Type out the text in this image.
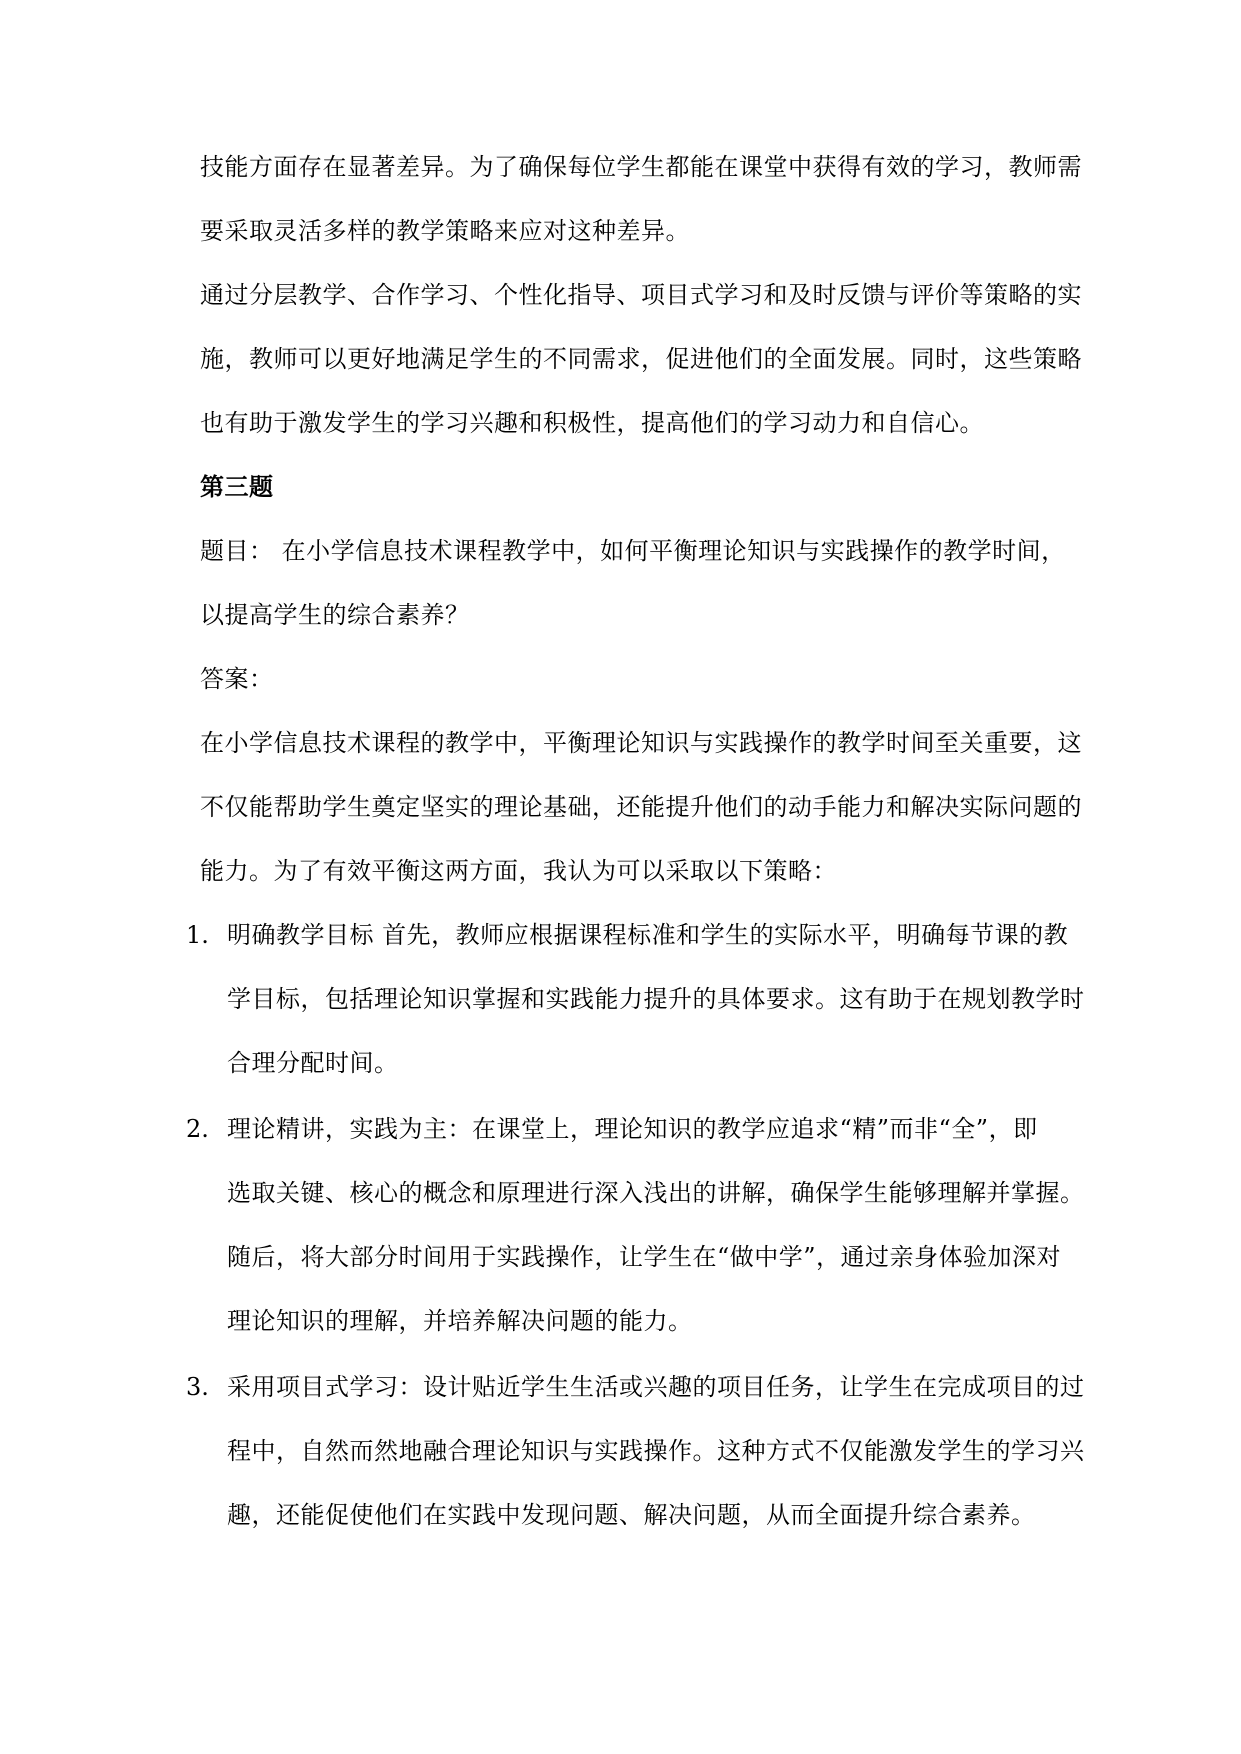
技能方面存在显著差异。为了确保每位学生都能在课堂中获得有效的学习，教师需
要采取灵活多样的教学策略来应对这种差异。
通过分层教学、合作学习、个性化指导、项目式学习和及时反馈与评价等策略的实
施，教师可以更好地满足学生的不同需求，促进他们的全面发展。同时，这些策略
也有助于激发学生的学习兴趣和积极性，提高他们的学习动力和自信心。
第三题
题目： 在小学信息技术课程教学中，如何平衡理论知识与实践操作的教学时间，
以提高学生的综合素养？
答案：
在小学信息技术课程的教学中，平衡理论知识与实践操作的教学时间至关重要，这
不仅能帮助学生奠定坚实的理论基础，还能提升他们的动手能力和解决实际问题的
能力。为了有效平衡这两方面，我认为可以采取以下策略：
1. 明确教学目标 首先，教师应根据课程标准和学生的实际水平，明确每节课的教
学目标，包括理论知识掌握和实践能力提升的具体要求。这有助于在规划教学时
合理分配时间。
2. 理论精讲，实践为主：在课堂上，理论知识的教学应追求“精”而非“全”，即
选取关键、核心的概念和原理进行深入浅出的讲解，确保学生能够理解并掌握。
随后，将大部分时间用于实践操作，让学生在“做中学”，通过亲身体验加深对
理论知识的理解，并培养解决问题的能力。
3. 采用项目式学习：设计贴近学生生活或兴趣的项目任务，让学生在完成项目的过
程中，自然而然地融合理论知识与实践操作。这种方式不仅能激发学生的学习兴
趣，还能促使他们在实践中发现问题、解决问题，从而全面提升综合素养。
